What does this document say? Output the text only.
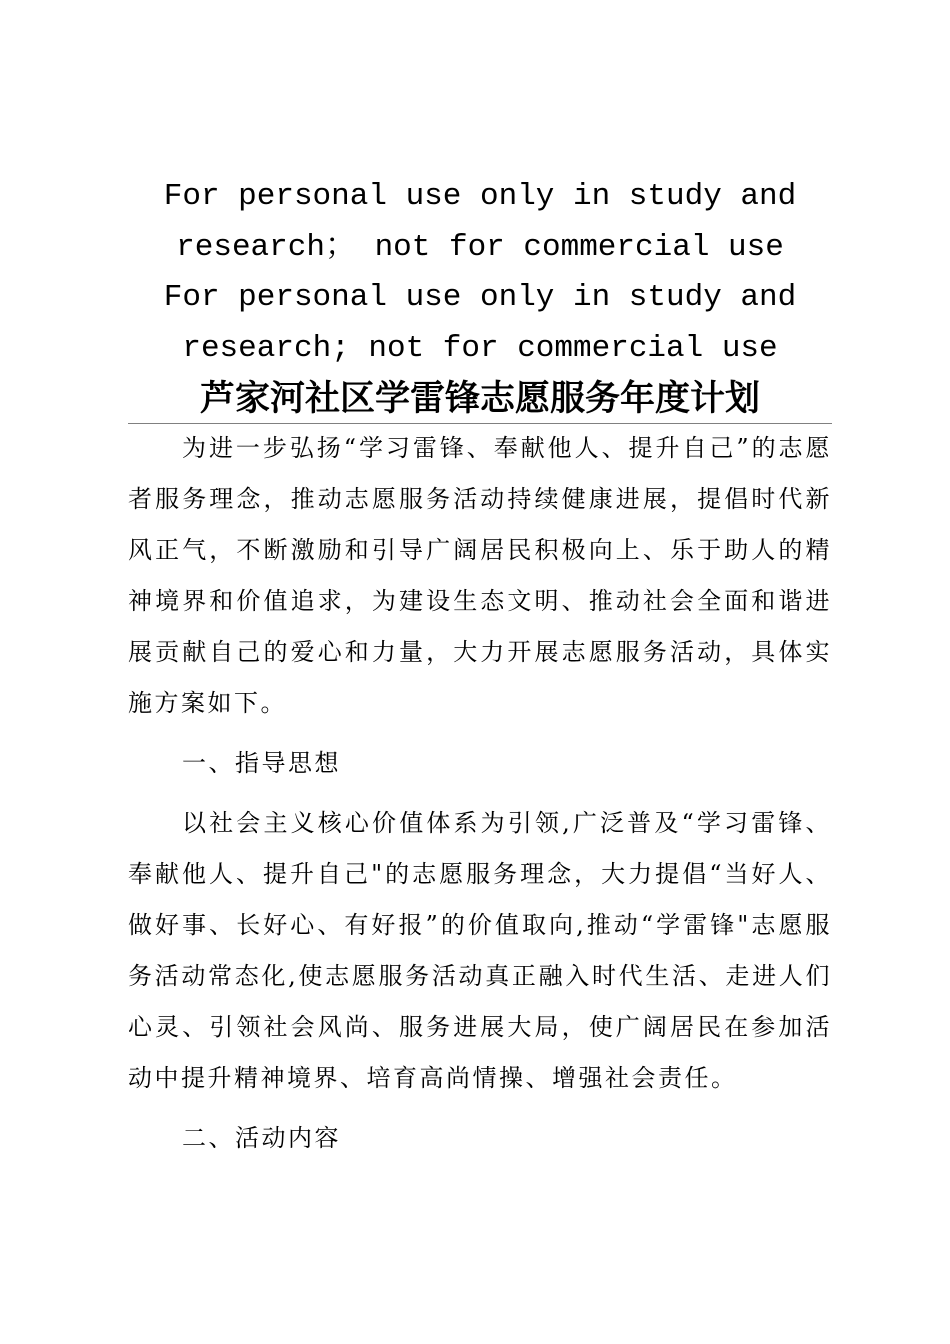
For personal use only in study and

research； not for commercial use

For personal use only in study and

research; not for commercial use

芦家河社区学雷锋志愿服务年度计划

为进一步弘扬“学习雷锋、奉献他人、提升自己”的志愿者服务理念，推动志愿服务活动持续健康进展，提倡时代新风正气，不断激励和引导广阔居民积极向上、乐于助人的精神境界和价值追求，为建设生态文明、推动社会全面和谐进展贡献自己的爱心和力量，大力开展志愿服务活动，具体实施方案如下。

一、指导思想

以社会主义核心价值体系为引领,广泛普及“学习雷锋、奉献他人、提升自己"的志愿服务理念，大力提倡“当好人、做好事、长好心、有好报”的价值取向,推动“学雷锋"志愿服务活动常态化,使志愿服务活动真正融入时代生活、走进人们心灵、引领社会风尚、服务进展大局，使广阔居民在参加活动中提升精神境界、培育高尚情操、增强社会责任。

二、活动内容
